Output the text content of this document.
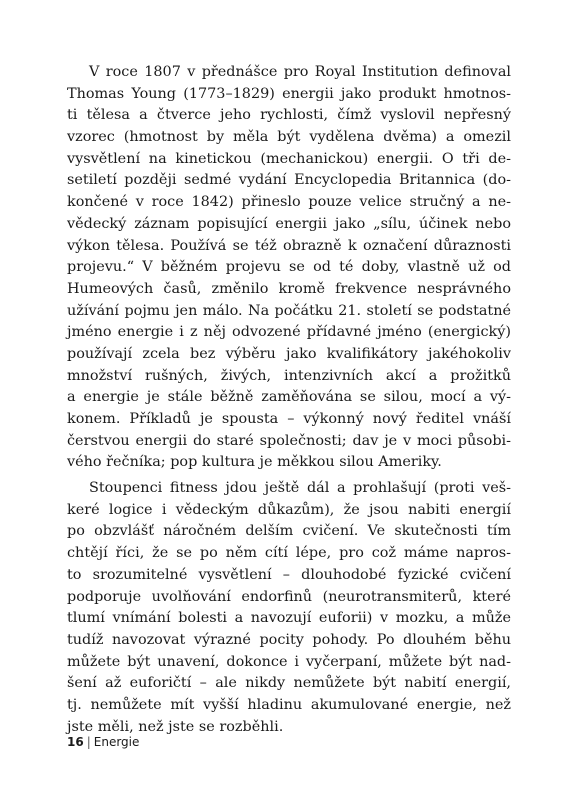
V roce 1807 v přednášce pro Royal Institution definoval
Thomas Young (1773–1829) energii jako produkt hmotnos-
ti tělesa a čtverce jeho rychlosti, čímž vyslovil nepřesný
vzorec (hmotnost by měla být vydělena dvěma) a omezil
vysvětlení na kinetickou (mechanickou) energii. O tři de-
setiletí později sedmé vydání Encyclopedia Britannica (do-
končené v roce 1842) přineslo pouze velice stručný a ne-
vědecký záznam popisující energii jako „sílu, účinek nebo
výkon tělesa. Používá se též obrazně k označení důraznosti
projevu.“ V běžném projevu se od té doby, vlastně už od
Humeových časů, změnilo kromě frekvence nesprávného
užívání pojmu jen málo. Na počátku 21. století se podstatné
jméno energie i z něj odvozené přídavné jméno (energický)
používají zcela bez výběru jako kvalifikátory jakéhokoliv
množství rušných, živých, intenzivních akcí a prožitků
a energie je stále běžně zaměňována se silou, mocí a vý-
konem. Příkladů je spousta – výkonný nový ředitel vnáší
čerstvou energii do staré společnosti; dav je v moci působi-
vého řečníka; pop kultura je měkkou silou Ameriky.
Stoupenci fitness jdou ještě dál a prohlašují (proti veš-
keré logice i vědeckým důkazům), že jsou nabiti energií
po obzvlášť náročném delším cvičení. Ve skutečnosti tím
chtějí říci, že se po něm cítí lépe, pro což máme napros-
to srozumitelné vysvětlení – dlouhodobé fyzické cvičení
podporuje uvolňování endorfinů (neurotransmiterů, které
tlumí vnímání bolesti a navozují euforii) v mozku, a může
tudíž navozovat výrazné pocity pohody. Po dlouhém běhu
můžete být unavení, dokonce i vyčerpaní, můžete být nad-
šení až euforičtí – ale nikdy nemůžete být nabití energií,
tj. nemůžete mít vyšší hladinu akumulované energie, než
jste měli, než jste se rozběhli.
16 | Energie
